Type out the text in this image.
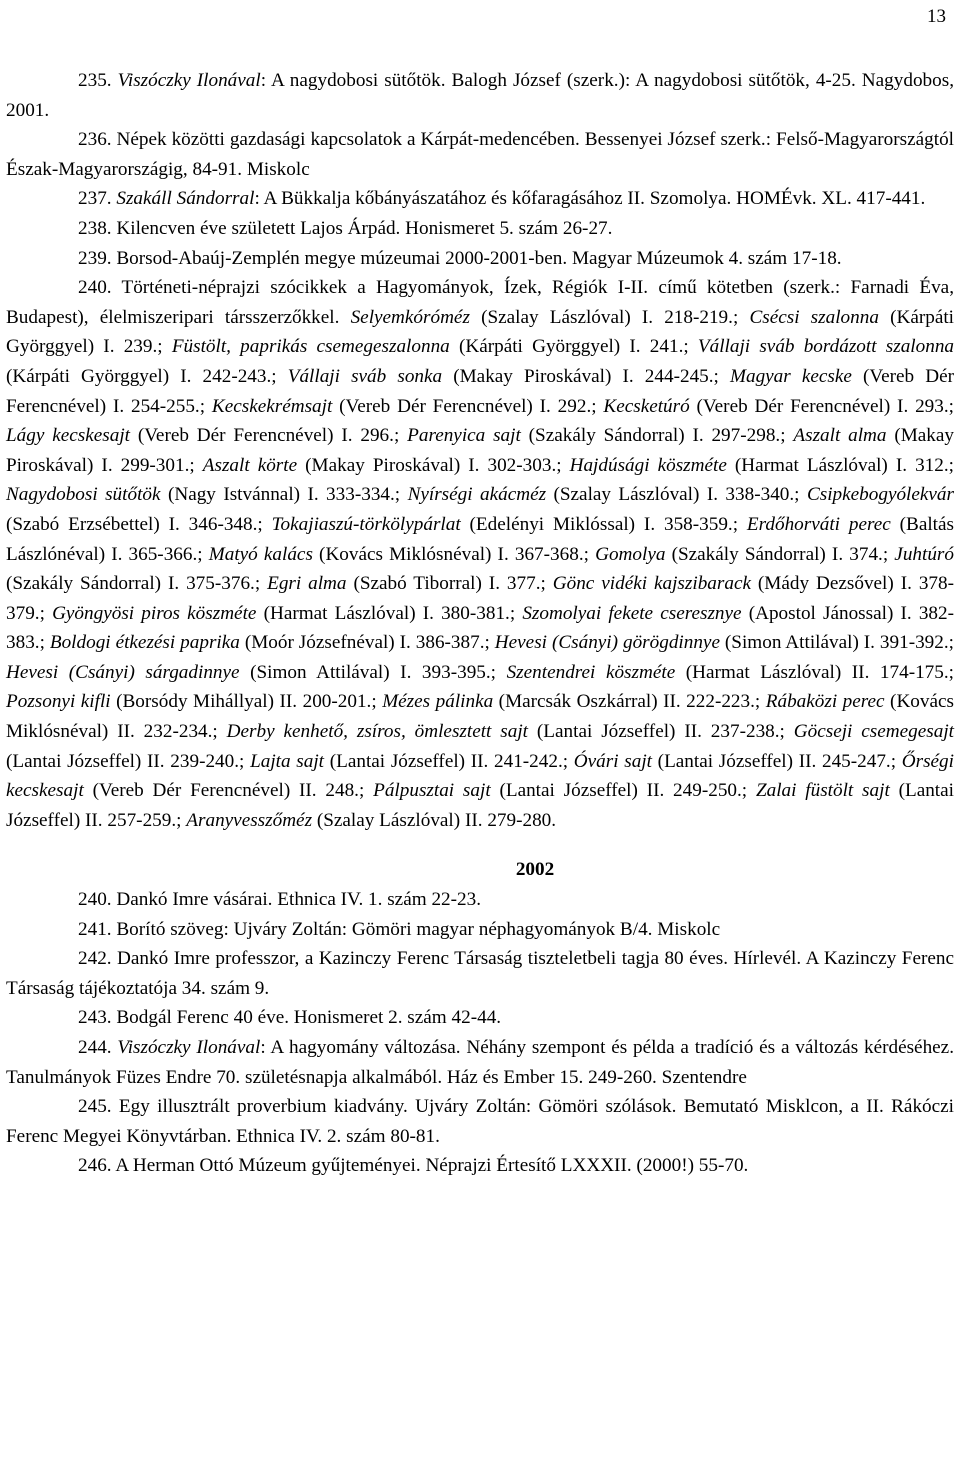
13

235. Viszóczky Ilonával: A nagydobosi sütőtök. Balogh József (szerk.): A nagydobosi sütőtök, 4-25. Nagydobos, 2001.

236. Népek közötti gazdasági kapcsolatok a Kárpát-medencében. Bessenyei József szerk.: Felső-Magyarországtól Észak-Magyarországig, 84-91. Miskolc

237. Szakáll Sándorral: A Bükkalja kőbányászatához és kőfaragásához II. Szomolya. HOMÉvk. XL. 417-441.

238. Kilencven éve született Lajos Árpád. Honismeret 5. szám 26-27.

239. Borsod-Abaúj-Zemplén megye múzeumai 2000-2001-ben. Magyar Múzeumok 4. szám 17-18.

240. Történeti-néprajzi szócikkek a Hagyományok, Ízek, Régiók I-II. című kötetben (szerk.: Farnadi Éva, Budapest), élelmiszeripari társszerzőkkel. Selyemkóróméz (Szalay Lászlóval) I. 218-219.; Csécsi szalonna (Kárpáti Györggyel) I. 239.; Füstölt, paprikás csemegeszalonna (Kárpáti Györggyel) I. 241.; Vállaji sváb bordázott szalonna (Kárpáti Györggyel) I. 242-243.; Vállaji sváb sonka (Makay Piroskával) I. 244-245.; Magyar kecske (Vereb Dér Ferencnével) I. 254-255.; Kecskekrémsajt (Vereb Dér Ferencnével) I. 292.; Kecsketúró (Vereb Dér Ferencnével) I. 293.; Lágy kecskesajt (Vereb Dér Ferencnével) I. 296.; Parenyica sajt (Szakály Sándorral) I. 297-298.; Aszalt alma (Makay Piroskával) I. 299-301.; Aszalt körte (Makay Piroskával) I. 302-303.; Hajdúsági köszméte (Harmat Lászlóval) I. 312.; Nagydobosi sütőtök (Nagy Istvánnal) I. 333-334.; Nyírségi akácméz (Szalay Lászlóval) I. 338-340.; Csipkebogyólekvár (Szabó Erzsébettel) I. 346-348.; Tokajiaszú-törkölypárlat (Edelényi Miklóssal) I. 358-359.; Erdőhorváti perec (Baltás Lászlónéval) I. 365-366.; Matyó kalács (Kovács Miklósnéval) I. 367-368.; Gomolya (Szakály Sándorral) I. 374.; Juhtúró (Szakály Sándorral) I. 375-376.; Egri alma (Szabó Tiborral) I. 377.; Gönc vidéki kajszibarack (Mády Dezsővel) I. 378-379.; Gyöngyösi piros köszméte (Harmat Lászlóval) I. 380-381.; Szomolyai fekete cseresznye (Apostol Jánossal) I. 382-383.; Boldogi étkezési paprika (Moór Józsefnéval) I. 386-387.; Hevesi (Csányi) görögdinnye (Simon Attilával) I. 391-392.; Hevesi (Csányi) sárgadinnye (Simon Attilával) I. 393-395.; Szentendrei köszméte (Harmat Lászlóval) II. 174-175.; Pozsonyi kifli (Borsódy Mihállyal) II. 200-201.; Mézes pálinka (Marcsák Oszkárral) II. 222-223.; Rábaközi perec (Kovács Miklósnéval) II. 232-234.; Derby kenhető, zsíros, ömlesztett sajt (Lantai Józseffel) II. 237-238.; Göcseji csemegesajt (Lantai Józseffel) II. 239-240.; Lajta sajt (Lantai Józseffel) II. 241-242.; Óvári sajt (Lantai Józseffel) II. 245-247.; Őrségi kecskesajt (Vereb Dér Ferencnével) II. 248.; Pálpusztai sajt (Lantai Józseffel) II. 249-250.; Zalai füstölt sajt (Lantai Józseffel) II. 257-259.; Aranyvesszőméz (Szalay Lászlóval) II. 279-280.

2002

240. Dankó Imre vásárai. Ethnica IV. 1. szám 22-23.

241. Borító szöveg: Ujváry Zoltán: Gömöri magyar néphagyományok B/4. Miskolc

242. Dankó Imre professzor, a Kazinczy Ferenc Társaság tiszteletbeli tagja 80 éves. Hírlevél. A Kazinczy Ferenc Társaság tájékoztatója 34. szám 9.

243. Bodgál Ferenc 40 éve. Honismeret 2. szám 42-44.

244. Viszóczky Ilonával: A hagyomány változása. Néhány szempont és példa a tradíció és a változás kérdéséhez. Tanulmányok Füzes Endre 70. születésnapja alkalmából. Ház és Ember 15. 249-260. Szentendre

245. Egy illusztrált proverbium kiadvány. Ujváry Zoltán: Gömöri szólások. Bemutató Misklcon, a II. Rákóczi Ferenc Megyei Könyvtárban. Ethnica IV. 2. szám 80-81.

246. A Herman Ottó Múzeum gyűjteményei. Néprajzi Értesítő LXXXII. (2000!) 55-70.
